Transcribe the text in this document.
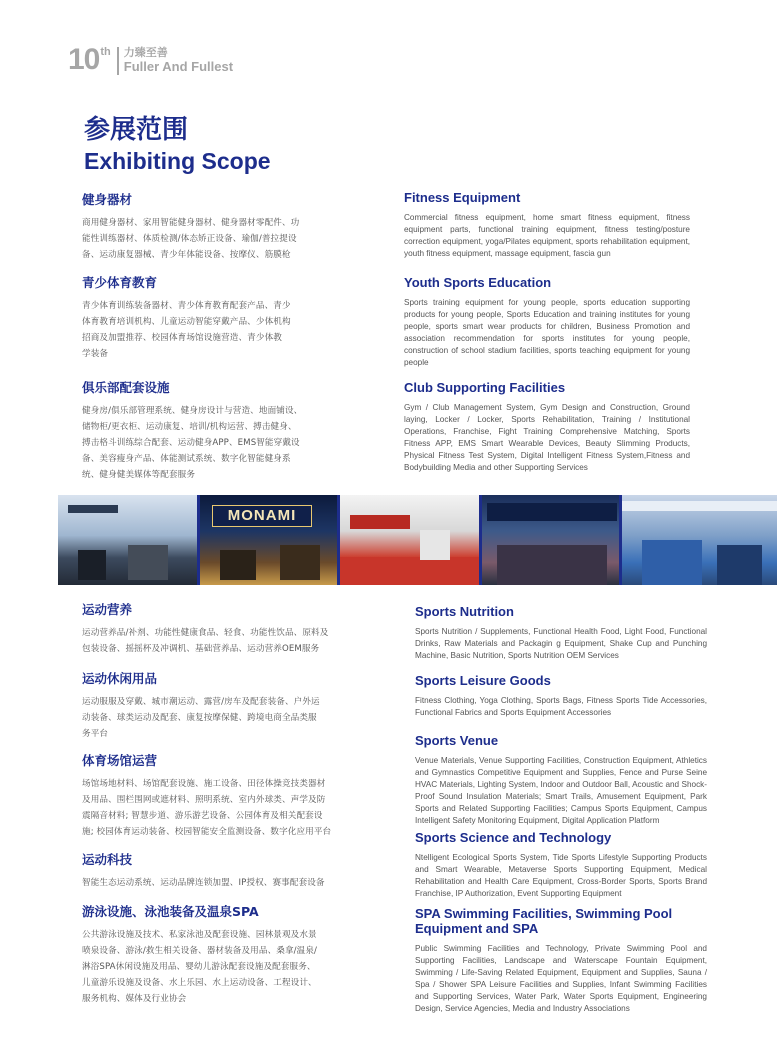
10 th 力臻至善
Fuller And Fullest
参展范围
Exhibiting Scope
健身器材
商用健身器材、家用智能健身器材、健身器材零配件、功
能性训练器材、体质检测/体态矫正设备、瑜伽/普拉提设
备、运动康复器械、青少年体能设备、按摩仪、筋膜枪
青少体育教育
青少体育训练装备器材、青少体育教育配套产品、青少
体育教育培训机构、儿童运动智能穿戴产品、少体机构
招商及加盟推荐、校园体育场馆设施营造、青少体教
学装备
俱乐部配套设施
健身房/俱乐部管理系统、健身房设计与营造、地面铺设、
储物柜/更衣柜、运动康复、培训/机构运营、搏击健身、
搏击格斗训练综合配套、运动健身APP、EMS智能穿戴设
备、美容瘦身产品、体能测试系统、数字化智能健身系
统、健身健美媒体等配套服务
Fitness Equipment
Commercial fitness equipment, home smart fitness equipment, fitness equipment parts, functional training equipment, fitness testing/posture correction equipment, yoga/Pilates equipment, sports rehabilitation equipment, youth fitness equipment, massage equipment, fascia gun
Youth Sports Education
Sports training equipment for young people, sports education supporting products for young people, Sports Education and training institutes for young people, sports smart wear products for children, Business Promotion and association recommendation for sports institutes for young people, construction of school stadium facilities, sports teaching equipment for young people
Club Supporting Facilities
Gym / Club Management System, Gym Design and Construction, Ground laying, Locker / Locker, Sports Rehabilitation, Training / Institutional Operations, Franchise, Fight Training Comprehensive Matching, Sports Fitness APP, EMS Smart Wearable Devices, Beauty Slimming Products, Physical Fitness Test System, Digital Intelligent Fitness System,Fitness and Bodybuilding Media and other Supporting Services
MONAMI
运动营养
运动营养品/补剂、功能性健康食品、轻食、功能性饮品、原料及
包装设备、摇摇杯及冲调机、基础营养品、运动营养OEM服务
运动休闲用品
运动服服及穿戴、城市潮运动、露营/房车及配套装备、户外运
动装备、球类运动及配套、康复按摩保健、跨境电商全品类服
务平台
体育场馆运营
场馆场地材料、场馆配套设施、施工设备、田径体操竞技类器材
及用品、围栏围网或遮材料、照明系统、室内外球类、声学及防
震隔音材料; 智慧步道、游乐游艺设备、公园体育及相关配套设
施; 校园体育运动装备、校园智能安全监测设备、数字化应用平台
运动科技
智能生态运动系统、运动品牌连锁加盟、IP授权、赛事配套设备
游泳设施、泳池装备及温泉SPA
公共游泳设施及技术、私家泳池及配套设施、园林景观及水景
喷泉设备、游泳/救生相关设备、器材装备及用品、桑拿/温泉/
淋浴SPA休闲设施及用品、婴幼儿游泳配套设施及配套服务、
儿童游乐设施及设备、水上乐园、水上运动设备、工程设计、
服务机构、媒体及行业协会
Sports Nutrition
Sports Nutrition / Supplements, Functional Health Food, Light Food, Functional Drinks, Raw Materials and Packagin g Equipment, Shake Cup and Punching Machine, Basic Nutrition, Sports Nutrition OEM Services
Sports Leisure Goods
Fitness Clothing, Yoga Clothing, Sports Bags, Fitness Sports Tide Accessories, Functional Fabrics and Sports Equipment Accessories
Sports Venue
Venue Materials, Venue Supporting Facilities, Construction Equipment, Athletics and Gymnastics Competitive Equipment and Supplies, Fence and Purse Seine HVAC Materials, Lighting System, Indoor and Outdoor Ball, Acoustic and Shock-Proof Sound Insulation Materials; Smart Trails, Amusement Equipment, Park Sports and Related Supporting Facilities; Campus Sports Equipment, Campus Intelligent Safety Monitoring Equipment, Digital Application Platform
Sports Science and Technology
Ntelligent Ecological Sports System, Tide Sports Lifestyle Supporting Products and Smart Wearable, Metaverse Sports Supporting Equipment, Medical Rehabilitation and Health Care Equipment, Cross-Border Sports, Sports Brand Franchise, IP Authorization, Event Supporting Equipment
SPA Swimming Facilities, Swimming Pool Equipment and SPA
Public Swimming Facilities and Technology, Private Swimming Pool and Supporting Facilities, Landscape and Waterscape Fountain Equipment, Swimming / Life-Saving Related Equipment, Equipment and Supplies, Sauna / Spa / Shower SPA Leisure Facilities and Supplies, Infant Swimming Facilities and Supporting Services, Water Park, Water Sports Equipment, Engineering Design, Service Agencies, Media and Industry Associations
